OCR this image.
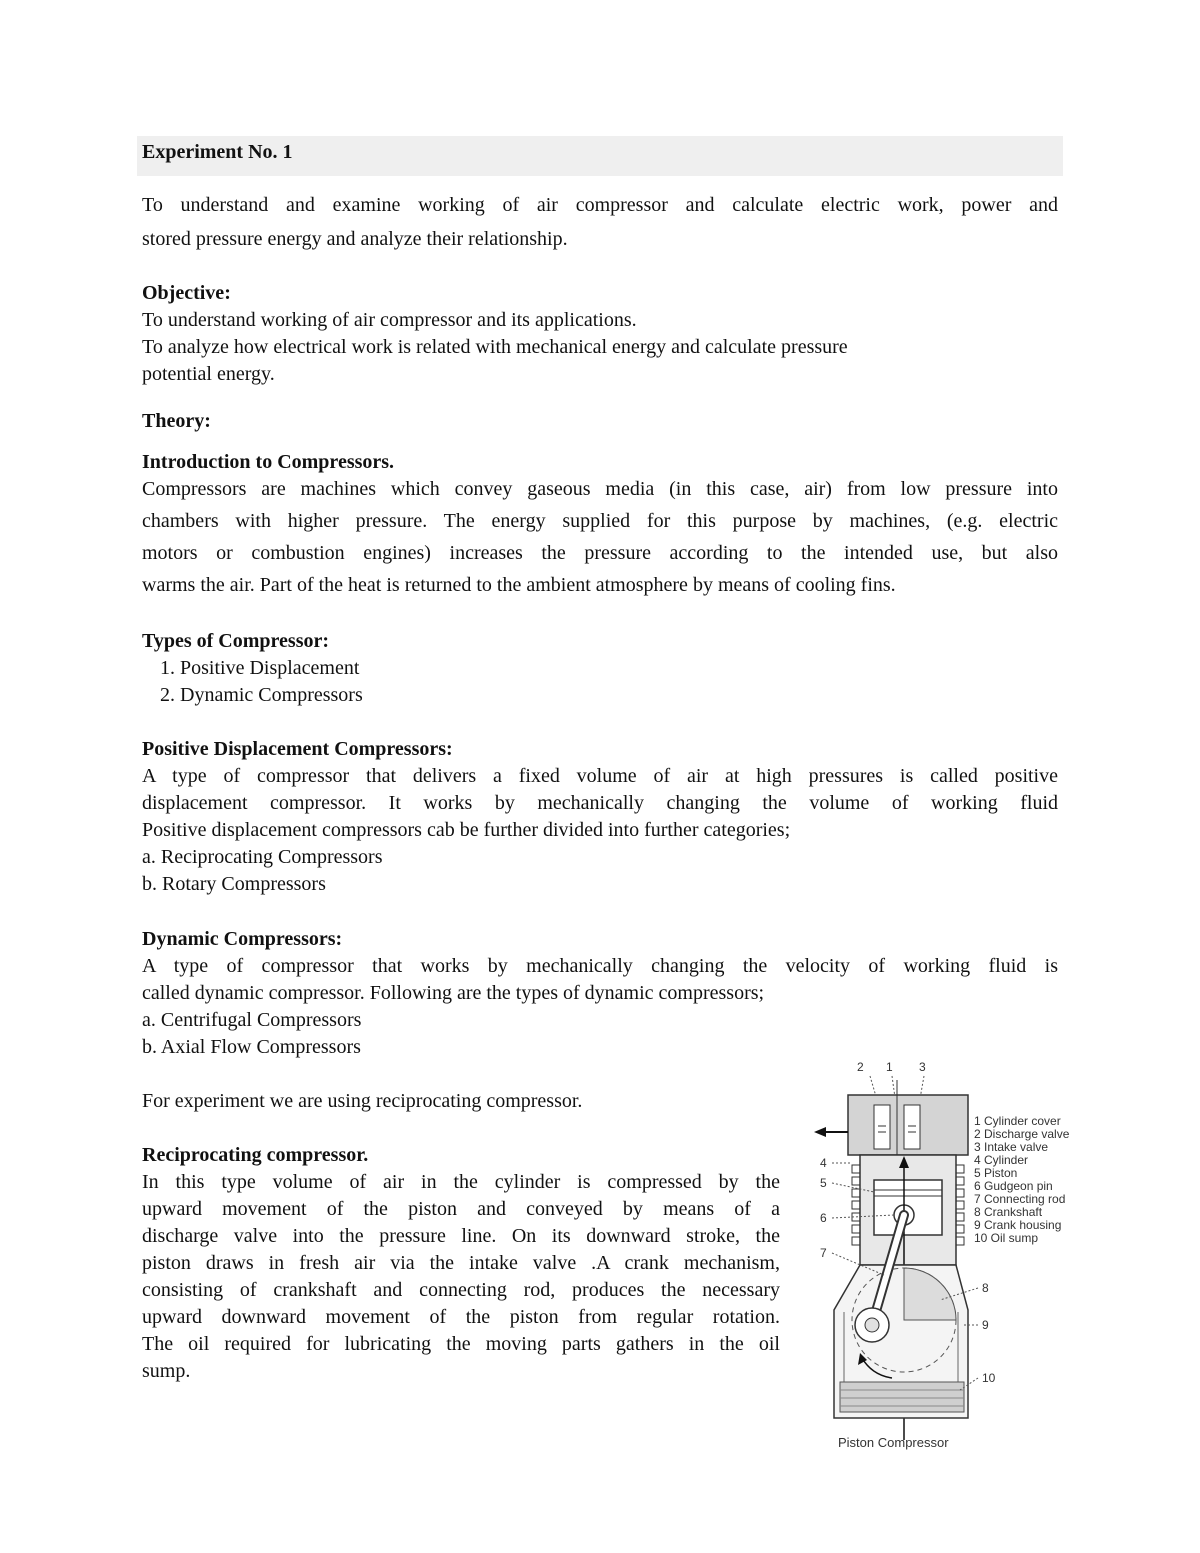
Experiment No. 1
To understand and examine working of air compressor and calculate electric work, power and
stored pressure energy and analyze their relationship.
Objective:
To understand working of air compressor and its applications.
To analyze how electrical work is related with mechanical energy and calculate pressure
potential energy.
Theory:
Introduction to Compressors.
Compressors are machines which convey gaseous media (in this case, air) from low pressure into
chambers with higher pressure. The energy supplied for this purpose by machines, (e.g. electric
motors or combustion engines) increases the pressure according to the intended use, but also
warms the air. Part of the heat is returned to the ambient atmosphere by means of cooling fins.
Types of Compressor:
1. Positive Displacement
2. Dynamic Compressors
Positive Displacement Compressors:
A type of compressor that delivers a fixed volume of air at high pressures is called positive
displacement compressor. It works by mechanically changing the volume of working fluid
Positive displacement compressors cab be further divided into further categories;
a. Reciprocating Compressors
b. Rotary Compressors
Dynamic Compressors:
A type of compressor that works by mechanically changing the velocity of working fluid is
called dynamic compressor. Following are the types of dynamic compressors;
a. Centrifugal Compressors
b. Axial Flow Compressors
For experiment we are using reciprocating compressor.
Reciprocating compressor.
In this type volume of air in the cylinder is compressed by the
upward movement of the piston and conveyed by means of a
discharge valve into the pressure line. On its downward stroke, the
piston draws in fresh air via the intake valve .A crank mechanism,
consisting of crankshaft and connecting rod, produces the necessary
upward downward movement of the piston from regular rotation.
The oil required for lubricating the moving parts gathers in the oil
sump.
2 1 3
4
5
6
7
8
9
10
1 Cylinder cover
2 Discharge valve
3 Intake valve
4 Cylinder
5 Piston
6 Gudgeon pin
7 Connecting rod
8 Crankshaft
9 Crank housing
10 Oil sump
Piston Compressor
